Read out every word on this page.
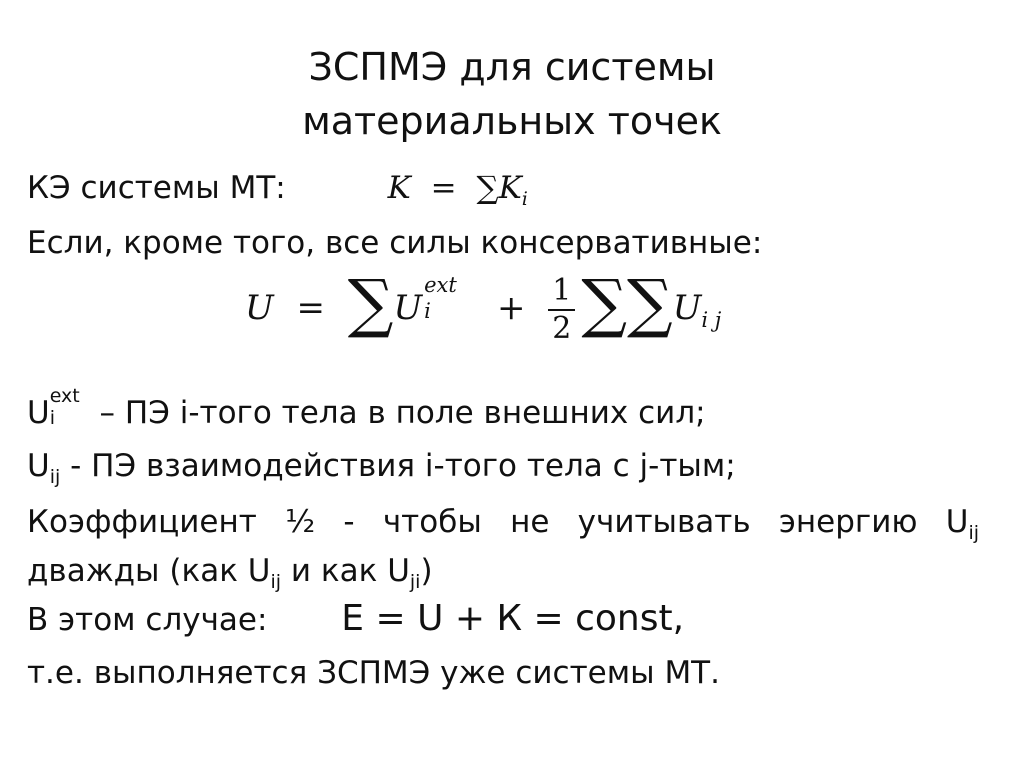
ЗСПМЭ для системы материальных точек
КЭ системы МТ:	$K = \sum K_i$
Если, кроме того, все силы консервативные:
U = ∑U
ext
$i + \frac{1}{2} \sum\sum U_{i j}$
U ext
i – ПЭ i-того тела в поле внешних сил;
$U_{ij}$ - ПЭ взаимодействия i-того тела с j-тым;
Коэффициент ½ - чтобы не учитывать энергию $U_{ij}$ дважды (как $U_{ij}$ и как $U_{ji}$)
В этом случае: E = U + К = const,
т.е. выполняется ЗСПМЭ уже системы МТ.
